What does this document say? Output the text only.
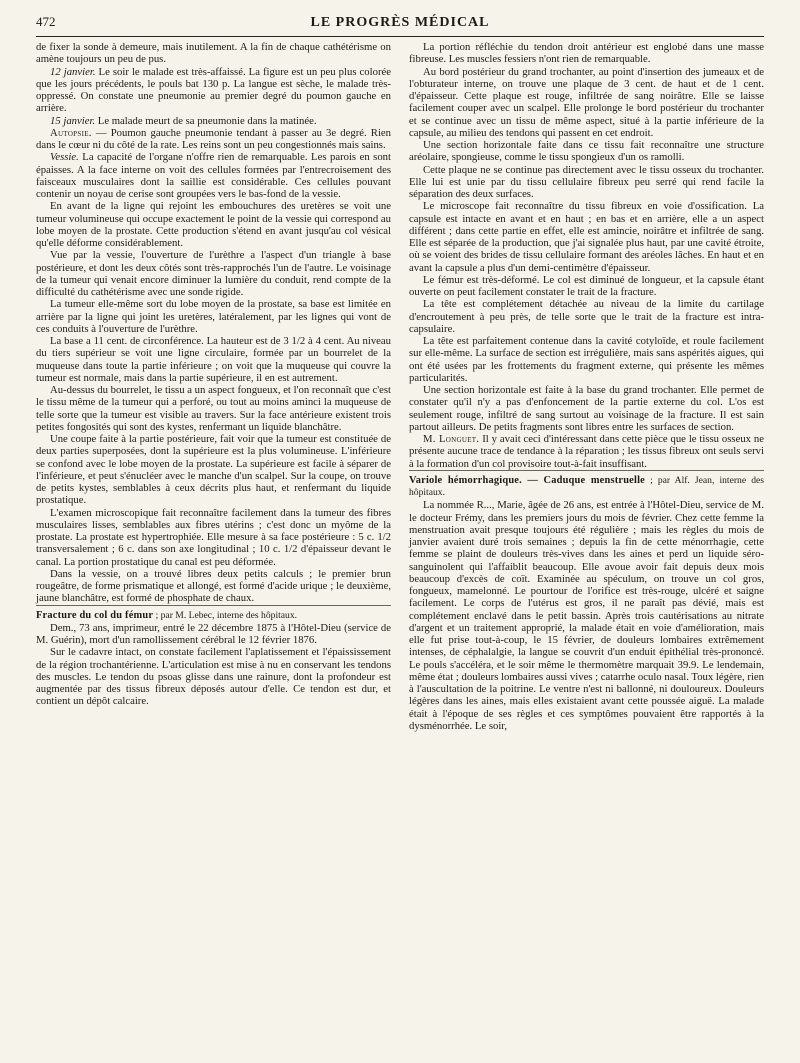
472	LE PROGRÈS MÉDICAL

de fixer la sonde à demeure, mais inutilement. A la fin de chaque cathétérisme on amène toujours un peu de pus.

12 janvier. Le soir le malade est très-affaissé. La figure est un peu plus colorée que les jours précédents, le pouls bat 130 p. La langue est sèche, le malade très-oppressé. On constate une pneumonie au premier degré du poumon gauche en arrière.

15 janvier. Le malade meurt de sa pneumonie dans la matinée.

Autopsie. — Poumon gauche pneumonie tendant à passer au 3e degré. Rien dans le cœur ni du côté de la rate. Les reins sont un peu congestionnés mais sains.

Vessie. La capacité de l'organe n'offre rien de remarquable. Les parois en sont épaisses. A la face interne on voit des cellules formées par l'entrecroisement des faisceaux musculaires dont la saillie est considérable. Ces cellules pouvant contenir un noyau de cerise sont groupées vers le bas-fond de la vessie.

En avant de la ligne qui rejoint les embouchures des uretères se voit une tumeur volumineuse qui occupe exactement le point de la vessie qui correspond au lobe moyen de la prostate. Cette production s'étend en avant jusqu'au col vésical qu'elle déforme considérablement.

Vue par la vessie, l'ouverture de l'urèthre a l'aspect d'un triangle à base postérieure, et dont les deux côtés sont très-rapprochés l'un de l'autre. Le voisinage de la tumeur qui venait encore diminuer la lumière du conduit, rend compte de la difficulté du cathétérisme avec une sonde rigide.

La tumeur elle-même sort du lobe moyen de la prostate, sa base est limitée en arrière par la ligne qui joint les uretères, latéralement, par les lignes qui vont de ces conduits à l'ouverture de l'urèthre.

La base a 11 cent. de circonférence. La hauteur est de 3 1/2 à 4 cent. Au niveau du tiers supérieur se voit une ligne circulaire, formée par un bourrelet de la muqueuse dans toute la partie inférieure ; on voit que la muqueuse qui couvre la tumeur est normale, mais dans la partie supérieure, il en est autrement.

Au-dessus du bourrelet, le tissu a un aspect fongueux, et l'on reconnaît que c'est le tissu même de la tumeur qui a perforé, ou tout au moins aminci la muqueuse de telle sorte que la tumeur est visible au travers. Sur la face antérieure existent trois petites fongosités qui sont des kystes, renfermant un liquide blanchâtre.

Une coupe faite à la partie postérieure, fait voir que la tumeur est constituée de deux parties superposées, dont la supérieure est la plus volumineuse. L'inférieure se confond avec le lobe moyen de la prostate. La supérieure est facile à séparer de l'inférieure, et peut s'énucléer avec le manche d'un scalpel. Sur la coupe, on trouve de petits kystes, semblables à ceux décrits plus haut, et renfermant du liquide prostatique.

L'examen microscopique fait reconnaître facilement dans la tumeur des fibres musculaires lisses, semblables aux fibres utérins ; c'est donc un myôme de la prostate. La prostate est hypertrophiée. Elle mesure à sa face postérieure : 5 c. 1/2 transversalement ; 6 c. dans son axe longitudinal ; 10 c. 1/2 d'épaisseur devant le canal. La portion prostatique du canal est peu déformée.

Dans la vessie, on a trouvé libres deux petits calculs ; le premier brun rougeâtre, de forme prismatique et allongé, est formé d'acide urique ; le deuxième, jaune blanchâtre, est formé de phosphate de chaux.

Fracture du col du fémur ; par M. Lebec, interne des hôpitaux.

Dem., 73 ans, imprimeur, entré le 22 décembre 1875 à l'Hôtel-Dieu (service de M. Guérin), mort d'un ramollissement cérébral le 12 février 1876.

Sur le cadavre intact, on constate facilement l'aplatissement et l'épaississement de la région trochantérienne. L'articulation est mise à nu en conservant les tendons des muscles. Le tendon du psoas glisse dans une rainure, dont la profondeur est augmentée par des tissus fibreux déposés autour d'elle. Ce tendon est dur, et contient un dépôt calcaire.

La portion réfléchie du tendon droit antérieur est englobé dans une masse fibreuse. Les muscles fessiers n'ont rien de remarquable.

Au bord postérieur du grand trochanter, au point d'insertion des jumeaux et de l'obturateur interne, on trouve une plaque de 3 cent. de haut et de 1 cent. d'épaisseur. Cette plaque est rouge, infiltrée de sang noirâtre. Elle se laisse facilement couper avec un scalpel. Elle prolonge le bord postérieur du trochanter et se continue avec un tissu de même aspect, situé à la partie inférieure de la capsule, au milieu des tendons qui passent en cet endroit.

Une section horizontale faite dans ce tissu fait reconnaître une structure aréolaire, spongieuse, comme le tissu spongieux d'un os ramolli.

Cette plaque ne se continue pas directement avec le tissu osseux du trochanter. Elle lui est unie par du tissu cellulaire fibreux peu serré qui rend facile la séparation des deux surfaces.

Le microscope fait reconnaître du tissu fibreux en voie d'ossification. La capsule est intacte en avant et en haut ; en bas et en arrière, elle a un aspect différent ; dans cette partie en effet, elle est amincie, noirâtre et infiltrée de sang. Elle est séparée de la production, que j'ai signalée plus haut, par une cavité étroite, où se voient des brides de tissu cellulaire formant des aréoles lâches. En haut et en avant la capsule a plus d'un demi-centimètre d'épaisseur.

Le fémur est très-déformé. Le col est diminué de longueur, et la capsule étant ouverte on peut facilement constater le trait de la fracture.

La tête est complétement détachée au niveau de la limite du cartilage d'encroutement à peu près, de telle sorte que le trait de la fracture est intra-capsulaire.

La tête est parfaitement contenue dans la cavité cotyloïde, et roule facilement sur elle-même. La surface de section est irrégulière, mais sans aspérités aigues, qui ont été usées par les frottements du fragment externe, qui présente les mêmes particularités.

Une section horizontale est faite à la base du grand trochanter. Elle permet de constater qu'il n'y a pas d'enfoncement de la partie externe du col. L'os est seulement rouge, infiltré de sang surtout au voisinage de la fracture. Il est sain partout ailleurs. De petits fragments sont libres entre les surfaces de section.

M. Longuet. Il y avait ceci d'intéressant dans cette pièce que le tissu osseux ne présente aucune trace de tendance à la réparation ; les tissus fibreux ont seuls servi à la formation d'un col provisoire tout-à-fait insuffisant.

Variole hémorrhagique. — Caduque menstruelle ; par Alf. Jean, interne des hôpitaux.

La nommée R..., Marie, âgée de 26 ans, est entrée à l'Hôtel-Dieu, service de M. le docteur Frémy, dans les premiers jours du mois de février. Chez cette femme la menstruation avait presque toujours été régulière ; mais les règles du mois de janvier avaient duré trois semaines ; depuis la fin de cette ménorrhagie, cette femme se plaint de douleurs très-vives dans les aines et perd un liquide séro-sanguinolent qui l'affaiblit beaucoup. Elle avoue avoir fait depuis deux mois beaucoup d'excès de coït. Examinée au spéculum, on trouve un col gros, fongueux, mamelonné. Le pourtour de l'orifice est très-rouge, ulcéré et saigne facilement. Le corps de l'utérus est gros, il ne paraît pas dévié, mais est complétement enclavé dans le petit bassin. Après trois cautérisations au nitrate d'argent et un traitement approprié, la malade était en voie d'amélioration, mais elle fut prise tout-à-coup, le 15 février, de douleurs lombaires extrêmement intenses, de céphalalgie, la langue se couvrit d'un enduit épithélial très-prononcé. Le pouls s'accéléra, et le soir même le thermomètre marquait 39.9. Le lendemain, même état ; douleurs lombaires aussi vives ; catarrhe oculo nasal. Toux légère, rien à l'auscultation de la poitrine. Le ventre n'est ni ballonné, ni douloureux. Douleurs légères dans les aines, mais elles existaient avant cette poussée aiguë. La malade était à l'époque de ses règles et ces symptômes pouvaient être rapportés à la dysménorrhée. Le soir,
